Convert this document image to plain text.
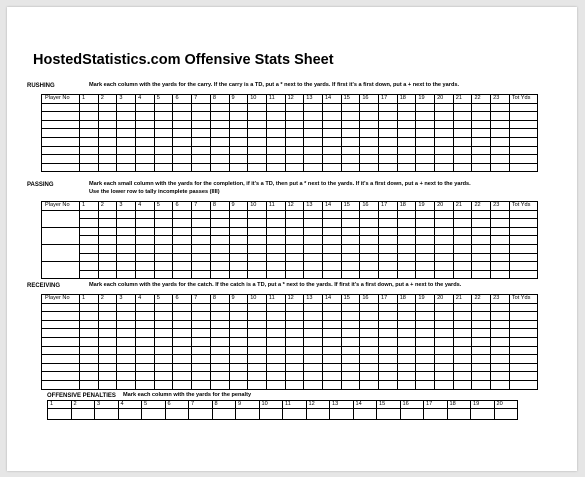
HostedStatistics.com Offensive Stats Sheet
RUSHING	Mark each column with the yards for the carry. If the carry is a TD, put a * next to the yards. If first it's a first down, put a + next to the yards.
Player No	1	2	3	4	5	6	7	8	9	10	11	12	13	14	15	16	17	18	19	20	21	22	23	Tot Yds

PASSING	Mark each small column with the yards for the completion, if it's a TD, then put a * next to the yards. If it's a first down, put a + next to the yards.
Use the lower row to tally incomplete passes (IIII)
Player No	1	2	3	4	5	6	7	8	9	10	11	12	13	14	15	16	17	18	19	20	21	22	23	Tot Yds

RECEIVING	Mark each column with the yards for the catch. If the catch is a TD, put a * next to the yards. If first it's a first down, put a + next to the yards.
Player No	1	2	3	4	5	6	7	8	9	10	11	12	13	14	15	16	17	18	19	20	21	22	23	Tot Yds

OFFENSIVE PENALTIES Mark each column with the yards for the penalty
1	2	3	4	5	6	7	8	9	10	11	12	13	14	15	16	17	18	19	20
